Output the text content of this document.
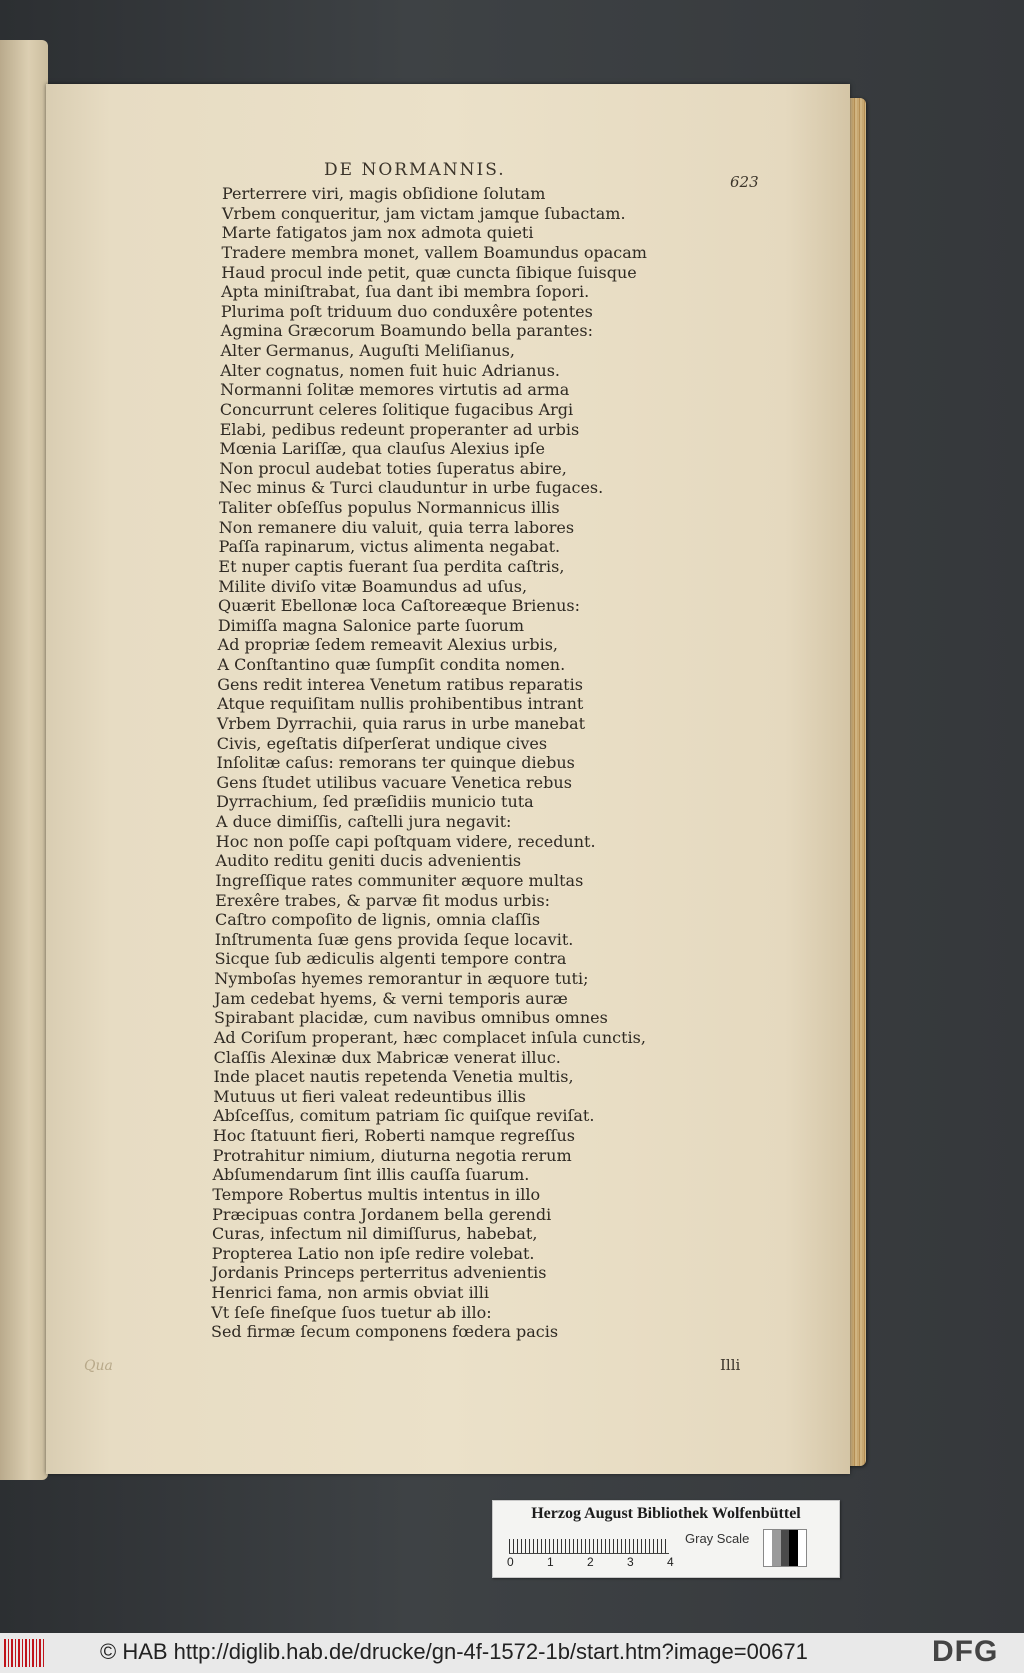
DE NORMANNIS.
623
Perterrere viri, magis obſidione ſolutam
Vrbem conqueritur, jam victam jamque ſubactam.
Marte fatigatos jam nox admota quieti
Tradere membra monet, vallem Boamundus opacam
Haud procul inde petit, quæ cuncta ſibique ſuisque
Apta miniſtrabat, ſua dant ibi membra ſopori.
Plurima poſt triduum duo conduxêre potentes
Agmina Græcorum Boamundo bella parantes:
Alter Germanus, Auguſti Meliſianus,
Alter cognatus, nomen fuit huic Adrianus.
Normanni ſolitæ memores virtutis ad arma
Concurrunt celeres ſolitique fugacibus Argi
Elabi, pedibus redeunt properanter ad urbis
Mœnia Lariſſæ, qua clauſus Alexius ipſe
Non procul audebat toties ſuperatus abire,
Nec minus & Turci clauduntur in urbe fugaces.
Taliter obſeſſus populus Normannicus illis
Non remanere diu valuit, quia terra labores
Paſſa rapinarum, victus alimenta negabat.
Et nuper captis fuerant ſua perdita caſtris,
Milite diviſo vitæ Boamundus ad uſus,
Quærit Ebellonæ loca Caſtoreæque Brienus:
Dimiſſa magna Salonice parte ſuorum
Ad propriæ ſedem remeavit Alexius urbis,
A Conſtantino quæ ſumpſit condita nomen.
Gens redit interea Venetum ratibus reparatis
Atque requiſitam nullis prohibentibus intrant
Vrbem Dyrrachii, quia rarus in urbe manebat
Civis, egeſtatis diſperſerat undique cives
Inſolitæ caſus: remorans ter quinque diebus
Gens ſtudet utilibus vacuare Venetica rebus
Dyrrachium, ſed præſidiis municio tuta
A duce dimiſſis, caſtelli jura negavit:
Hoc non poſſe capi poſtquam videre, recedunt.
Audito reditu geniti ducis advenientis
Ingreſſique rates communiter æquore multas
Erexêre trabes, & parvæ fit modus urbis:
Caſtro compoſito de lignis, omnia claſſis
Inſtrumenta ſuæ gens provida ſeque locavit.
Sicque ſub ædiculis algenti tempore contra
Nymboſas hyemes remorantur in æquore tuti;
Jam cedebat hyems, & verni temporis auræ
Spirabant placidæ, cum navibus omnibus omnes
Ad Coriſum properant, hæc complacet inſula cunctis,
Claſſis Alexinæ dux Mabricæ venerat illuc.
Inde placet nautis repetenda Venetia multis,
Mutuus ut fieri valeat redeuntibus illis
Abſceſſus, comitum patriam ſic quiſque reviſat.
Hoc ſtatuunt fieri, Roberti namque regreſſus
Protrahitur nimium, diuturna negotia rerum
Abſumendarum ſint illis cauſſa ſuarum.
Tempore Robertus multis intentus in illo
Præcipuas contra Jordanem bella gerendi
Curas, infectum nil dimiſſurus, habebat,
Propterea Latio non ipſe redire volebat.
Jordanis Princeps perterritus advenientis
Henrici fama, non armis obviat illi
Vt ſeſe fineſque ſuos tuetur ab illo:
Sed firmæ ſecum componens fœdera pacis
Qua	Illi
Herzog August Bibliothek Wolfenbüttel
0	1	2	3	4
Gray Scale
© HAB http://diglib.hab.de/drucke/gn-4f-1572-1b/start.htm?image=00671	DFG
